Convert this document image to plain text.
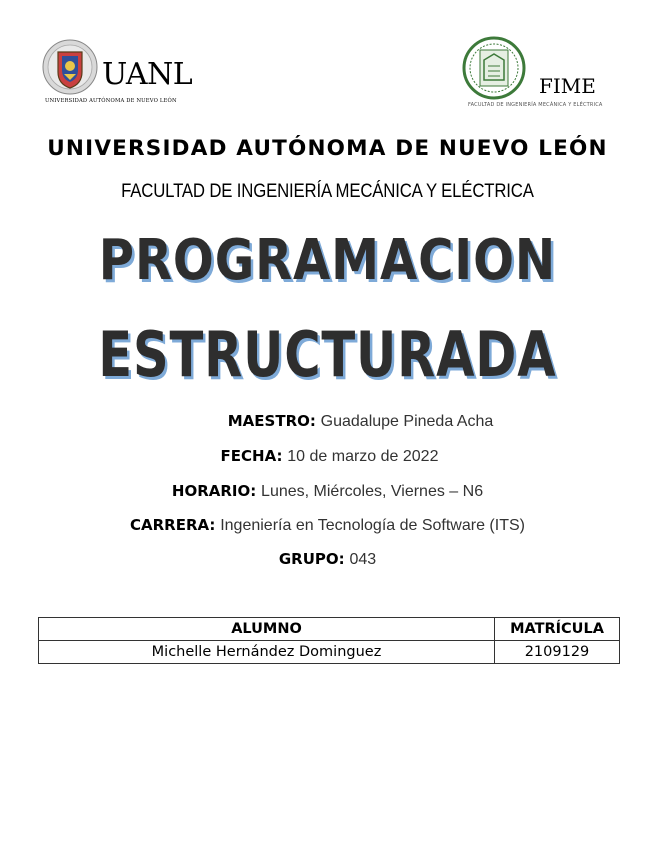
UANL
UNIVERSIDAD AUTÓNOMA DE NUEVO LEÓN
FIME
FACULTAD DE INGENIERÍA MECÁNICA Y ELÉCTRICA
UNIVERSIDAD AUTÓNOMA DE NUEVO LEÓN
FACULTAD DE INGENIERÍA MECÁNICA Y ELÉCTRICA
PROGRAMACION
ESTRUCTURADA
MAESTRO: Guadalupe Pineda Acha
FECHA: 10 de marzo de 2022
HORARIO: Lunes, Miércoles, Viernes – N6
CARRERA: Ingeniería en Tecnología de Software (ITS)
GRUPO: 043
ALUMNO	MATRÍCULA
Michelle Hernández Dominguez	2109129
